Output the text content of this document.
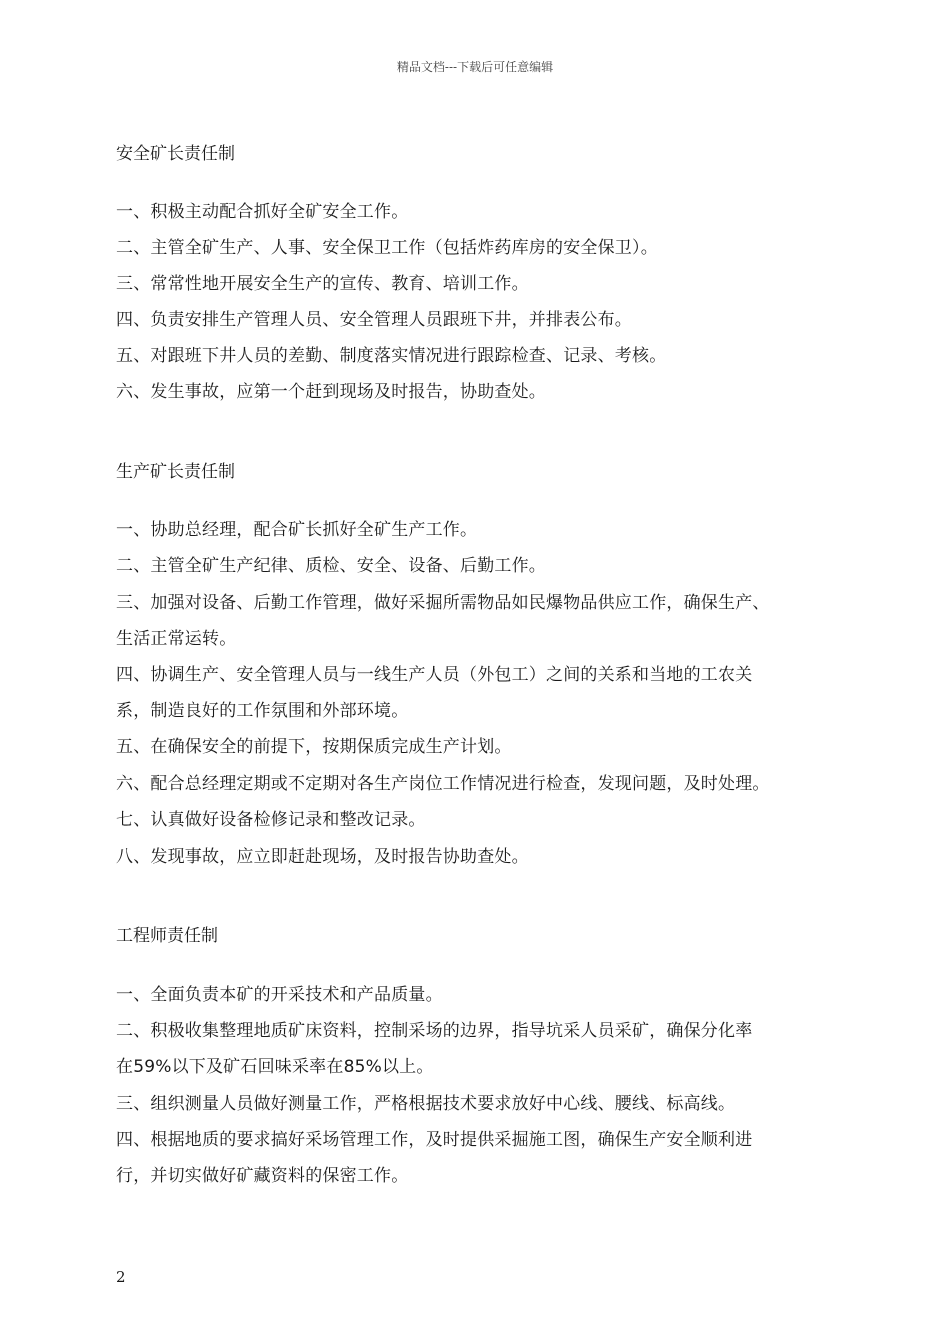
精品文档---下载后可任意编辑
安全矿长责任制
一、积极主动配合抓好全矿安全工作。
二、主管全矿生产、人事、安全保卫工作（包括炸药库房的安全保卫）。
三、常常性地开展安全生产的宣传、教育、培训工作。
四、负责安排生产管理人员、安全管理人员跟班下井，并排表公布。
五、对跟班下井人员的差勤、制度落实情况进行跟踪检查、记录、考核。
六、发生事故，应第一个赶到现场及时报告，协助查处。
生产矿长责任制
一、协助总经理，配合矿长抓好全矿生产工作。
二、主管全矿生产纪律、质检、安全、设备、后勤工作。
三、加强对设备、后勤工作管理，做好采掘所需物品如民爆物品供应工作，确保生产、
生活正常运转。
四、协调生产、安全管理人员与一线生产人员（外包工）之间的关系和当地的工农关
系，制造良好的工作氛围和外部环境。
五、在确保安全的前提下，按期保质完成生产计划。
六、配合总经理定期或不定期对各生产岗位工作情况进行检查，发现问题，及时处理。
七、认真做好设备检修记录和整改记录。
八、发现事故，应立即赶赴现场，及时报告协助查处。
工程师责任制
一、全面负责本矿的开采技术和产品质量。
二、积极收集整理地质矿床资料，控制采场的边界，指导坑采人员采矿，确保分化率
在59%以下及矿石回味采率在85%以上。
三、组织测量人员做好测量工作，严格根据技术要求放好中心线、腰线、标高线。
四、根据地质的要求搞好采场管理工作，及时提供采掘施工图，确保生产安全顺利进
行，并切实做好矿藏资料的保密工作。
2
